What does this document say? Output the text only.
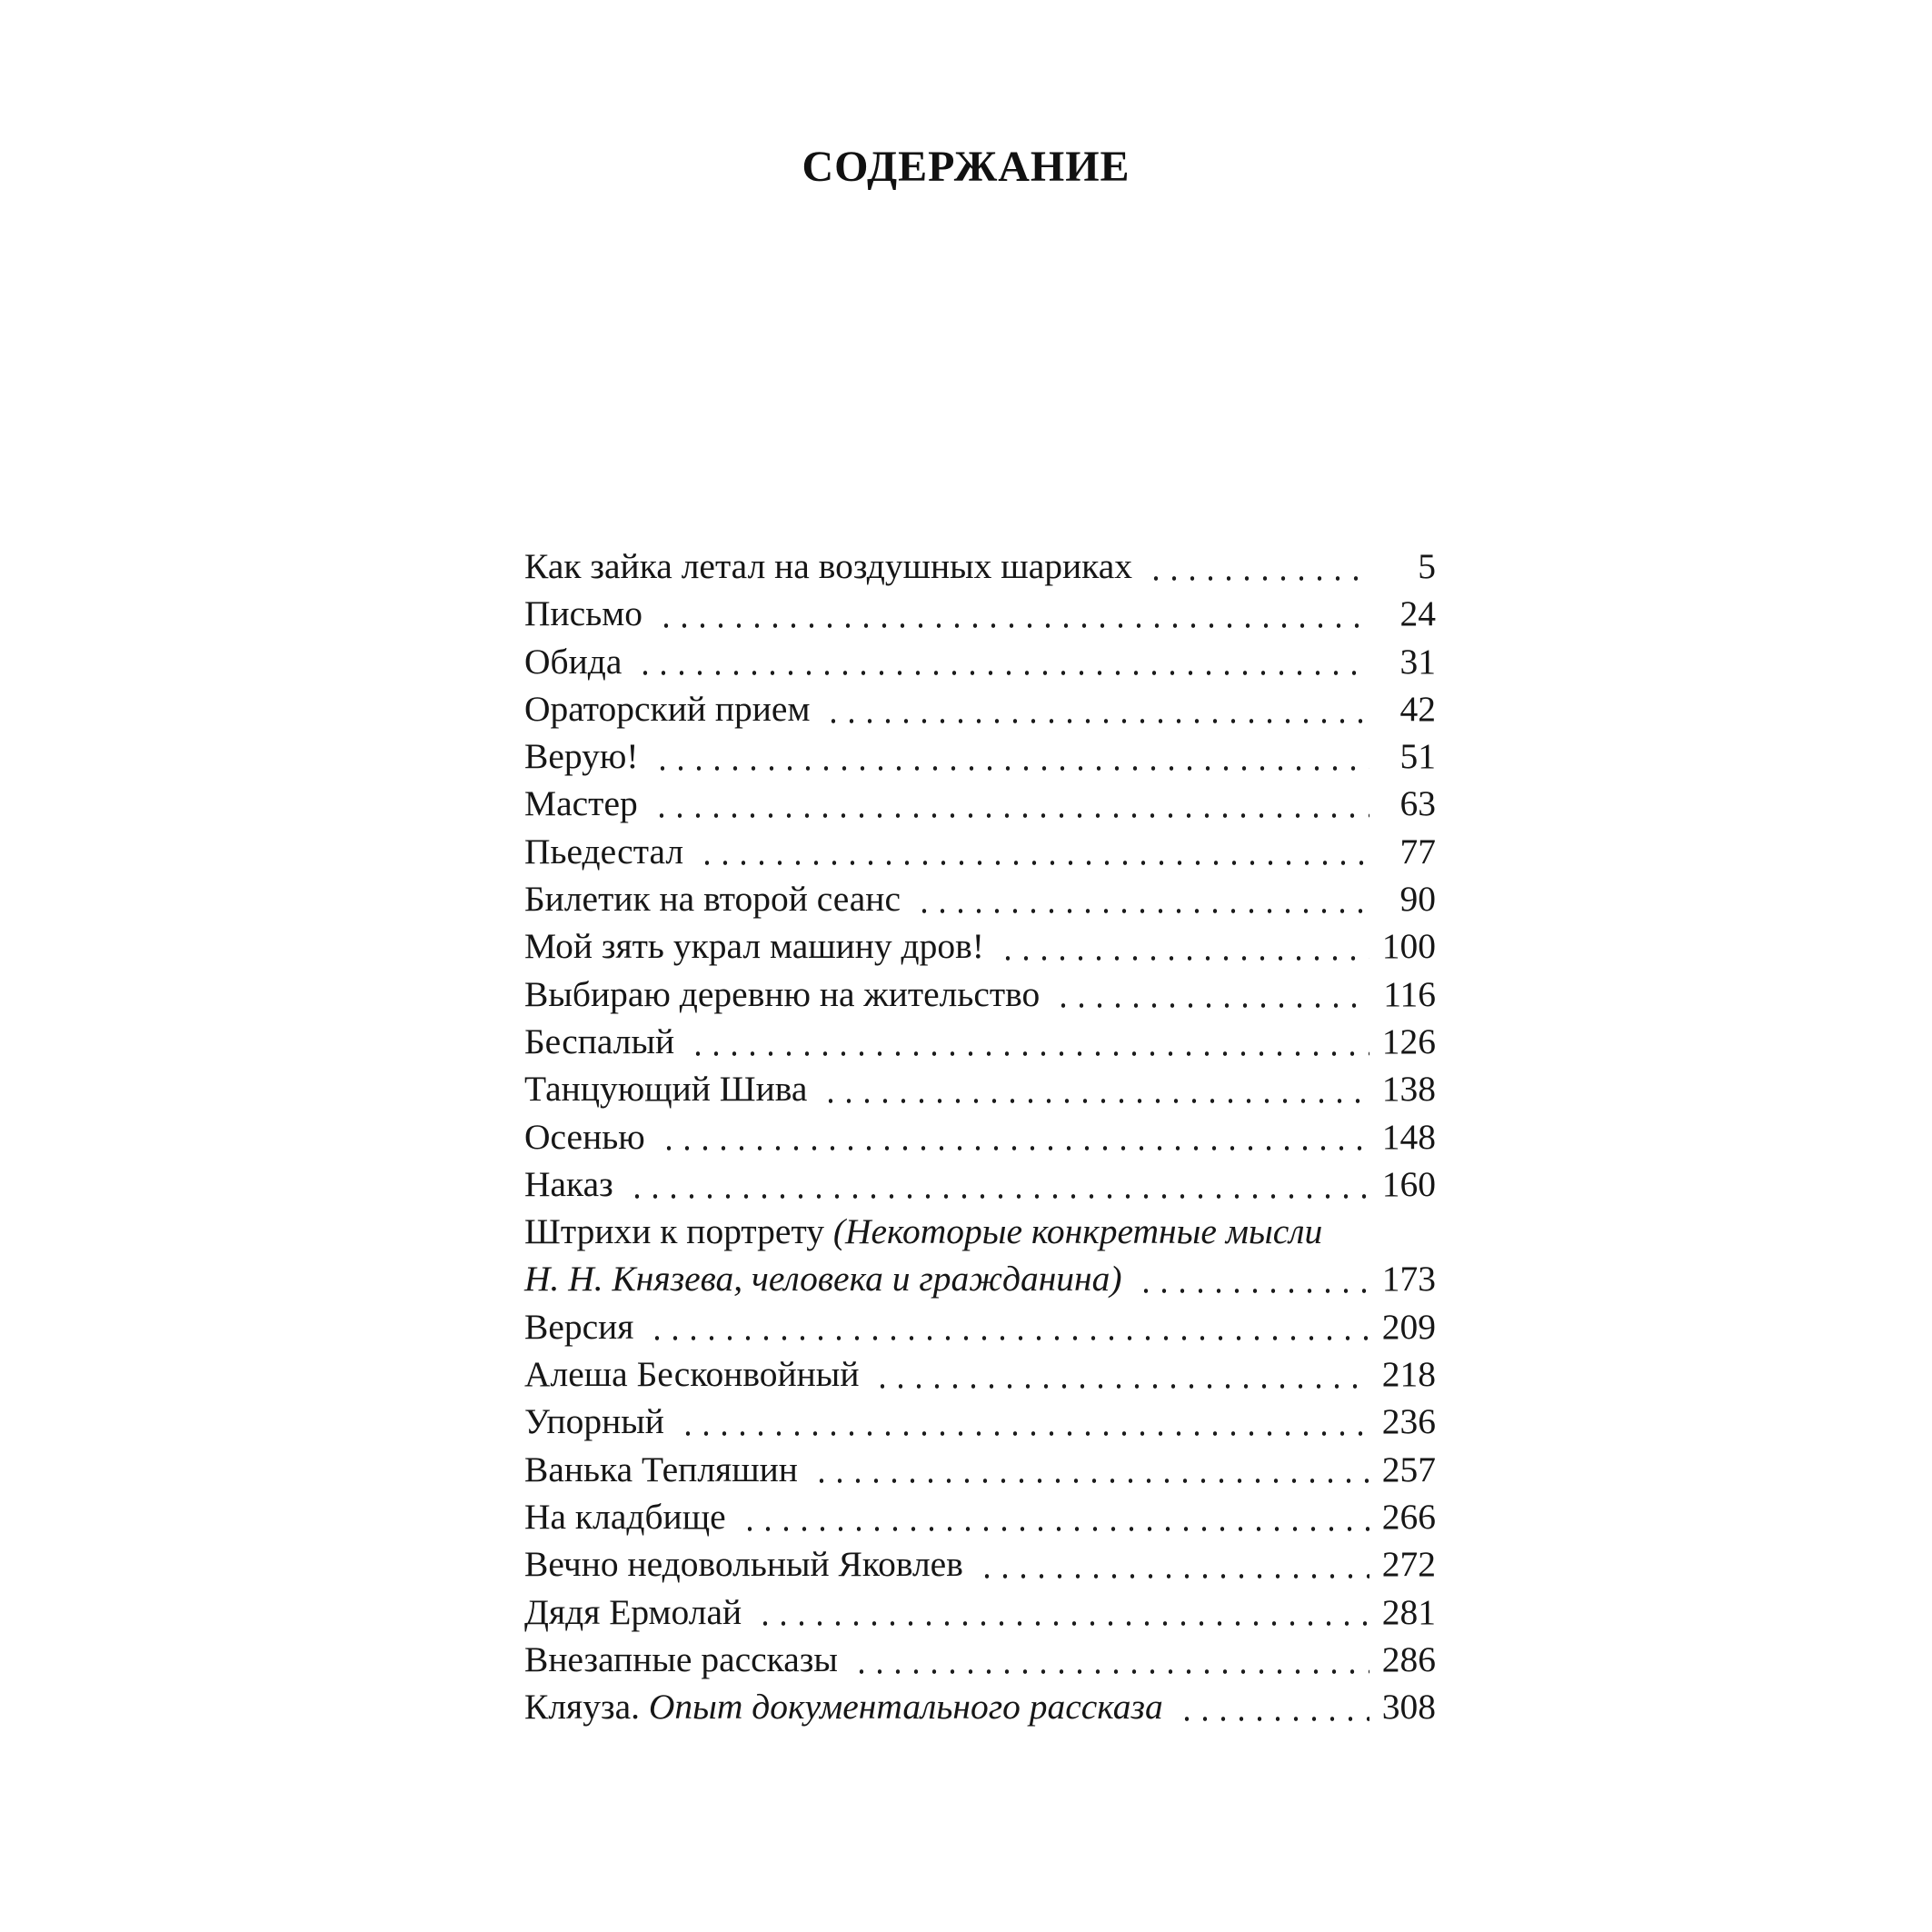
СОДЕРЖАНИЕ
Как зайка летал на воздушных шариках	5
Письмо	24
Обида	31
Ораторский прием	42
Верую!	51
Мастер	63
Пьедестал	77
Билетик на второй сеанс	90
Мой зять украл машину дров!	100
Выбираю деревню на жительство	116
Беспалый	126
Танцующий Шива	138
Осенью	148
Наказ	160
Штрихи к портрету (Некоторые конкретные мысли
Н. Н. Князева, человека и гражданина)	173
Версия	209
Алеша Бесконвойный	218
Упорный	236
Ванька Тепляшин	257
На кладбище	266
Вечно недовольный Яковлев	272
Дядя Ермолай	281
Внезапные рассказы	286
Кляуза. Опыт документального рассказа	308
